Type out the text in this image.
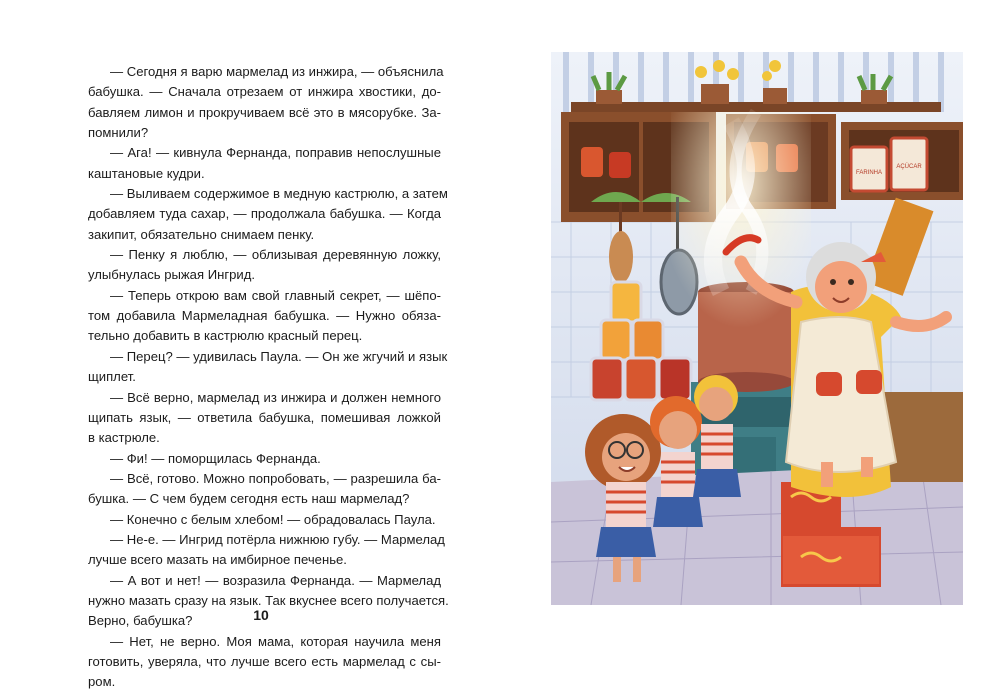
— Сегодня я варю мармелад из инжира, — объяснила
бабушка. — Сначала отрезаем от инжира хвостики, до-
бавляем лимон и прокручиваем всё это в мясорубке. За-
помнили?
— Ага! — кивнула Фернанда, поправив непослушные
каштановые кудри.
— Выливаем содержимое в медную кастрюлю, а затем
добавляем туда сахар, — продолжала бабушка. — Когда
закипит, обязательно снимаем пенку.
— Пенку я люблю, — облизывая деревянную ложку,
улыбнулась рыжая Ингрид.
— Теперь открою вам свой главный секрет, — шёпо-
том добавила Мармеладная бабушка. — Нужно обяза-
тельно добавить в кастрюлю красный перец.
— Перец? — удивилась Паула. — Он же жгучий и язык
щиплет.
— Всё верно, мармелад из инжира и должен немного
щипать язык, — ответила бабушка, помешивая ложкой
в кастрюле.
— Фи! — поморщилась Фернанда.
— Всё, готово. Можно попробовать, — разрешила ба-
бушка. — С чем будем сегодня есть наш мармелад?
— Конечно с белым хлебом! — обрадовалась Паула.
— Не-е. — Ингрид потёрла нижнюю губу. — Мармелад
лучше всего мазать на имбирное печенье.
— А вот и нет! — возразила Фернанда. — Мармелад
нужно мазать сразу на язык. Так вкуснее всего получается.
Верно, бабушка?
— Нет, не верно. Моя мама, которая научила меня
готовить, уверяла, что лучше всего есть мармелад с сы-
ром.
10
FARINHA
AÇÚCAR
